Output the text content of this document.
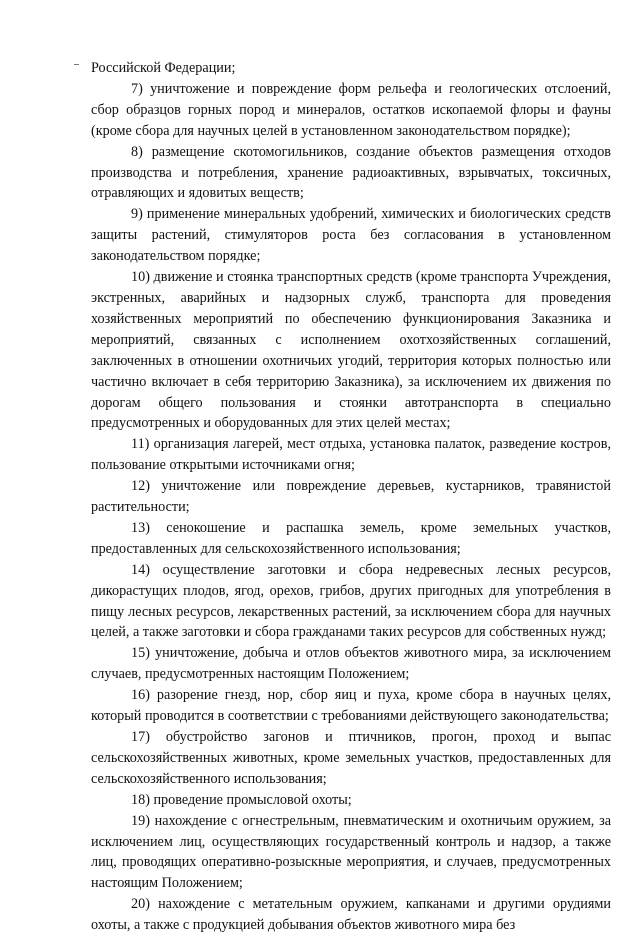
Российской Федерации;

7) уничтожение и повреждение форм рельефа и геологических отслоений, сбор образцов горных пород и минералов, остатков ископаемой флоры и фауны (кроме сбора для научных целей в установленном законодательством порядке);

8) размещение скотомогильников, создание объектов размещения отходов производства и потребления, хранение радиоактивных, взрывчатых, токсичных, отравляющих и ядовитых веществ;

9) применение минеральных удобрений, химических и биологических средств защиты растений, стимуляторов роста без согласования в установленном законодательством порядке;

10) движение и стоянка транспортных средств (кроме транспорта Учреждения, экстренных, аварийных и надзорных служб, транспорта для проведения хозяйственных мероприятий по обеспечению функционирования Заказника и мероприятий, связанных с исполнением охотхозяйственных соглашений, заключенных в отношении охотничьих угодий, территория которых полностью или частично включает в себя территорию Заказника), за исключением их движения по дорогам общего пользования и стоянки автотранспорта в специально предусмотренных и оборудованных для этих целей местах;

11) организация лагерей, мест отдыха, установка палаток, разведение костров, пользование открытыми источниками огня;

12) уничтожение или повреждение деревьев, кустарников, травянистой растительности;

13) сенокошение и распашка земель, кроме земельных участков, предоставленных для сельскохозяйственного использования;

14) осуществление заготовки и сбора недревесных лесных ресурсов, дикорастущих плодов, ягод, орехов, грибов, других пригодных для употребления в пищу лесных ресурсов, лекарственных растений, за исключением сбора для научных целей, а также заготовки и сбора гражданами таких ресурсов для собственных нужд;

15) уничтожение, добыча и отлов объектов животного мира, за исключением случаев, предусмотренных настоящим Положением;

16) разорение гнезд, нор, сбор яиц и пуха, кроме сбора в научных целях, который проводится в соответствии с требованиями действующего законодательства;

17) обустройство загонов и птичников, прогон, проход и выпас сельскохозяйственных животных, кроме земельных участков, предоставленных для сельскохозяйственного использования;

18) проведение промысловой охоты;

19) нахождение с огнестрельным, пневматическим и охотничьим оружием, за исключением лиц, осуществляющих государственный контроль и надзор, а также лиц, проводящих оперативно-розыскные мероприятия, и случаев, предусмотренных настоящим Положением;

20) нахождение с метательным оружием, капканами и другими орудиями охоты, а также с продукцией добывания объектов животного мира без
